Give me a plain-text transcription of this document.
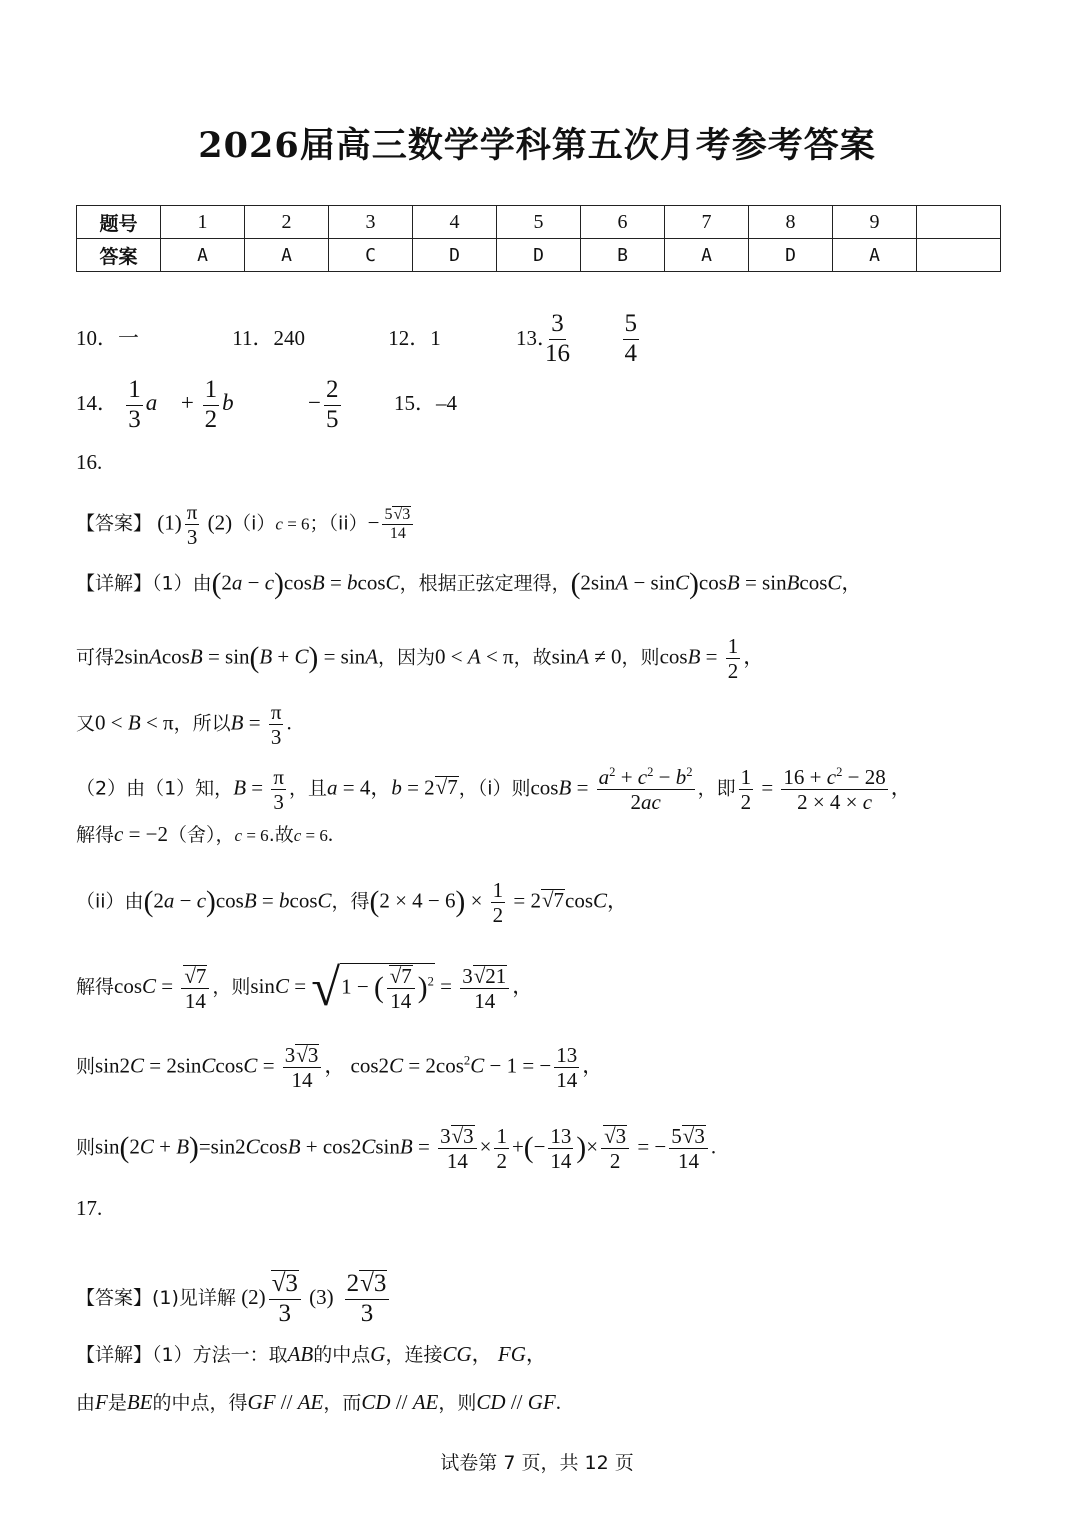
2026届高三数学学科第五次月考参考答案
题号	1	2	3	4	5	6	7	8	9	
答案	A	A	C	D	D	B	A	D	A	
10．一	11．240	12．1	13．
$\frac{3}{16}$
$\frac{5}{4}$
14． $\frac{1}{3}$ a⃗ + $\frac{1}{2}$ b⃗ − $\frac{2}{5}$	15．–4
16.
【答案】 $(1) \frac{\pi}{3} (2)(i)c = 6$；$(ii)- \frac{5 √ 3}{14}$
【详解】（1）由(2a − c)cosB = bcosC，根据正弦定理得，(2sinA − sinC)cosB = sinBcosC，
可得2sinAcosB = sin(B + C) = sinA，因为0 < A < π，故sinA ≠ 0，则$\cos B = \frac{1}{2}$ ，
又0 < B < π，所以$B = \frac{\pi}{3}$ .
（2）由（1）知，$B = \frac{\pi}{3}$ ，且a = 4，b = 2 √ 7，（i）则$\cos B = \frac{a^2 + c^2 - b^2}{2ac}$ ，即 $\frac{1}{2} = \frac{16 + c^2 - 28}{2 \times 4 \times c}$ ，
解得c = −2（舍），c = 6.故c = 6.
（ii）由(2a − c)cosB = bcosC，得$(2 \times 4 - 6) \times \frac{1}{2} = 2$ √ 7cosC，
解得cosC = √ $\frac{7}{14}$ ，则sinC = √1 − ( √ $\frac{7}{14} )^2 = \frac{3 √ 21}{14}$ ，
则sin2C = 2sinCcosC = $\frac{3 √ 3}{14}$ ， $\cos 2C = 2\cos^2C - 1$ = − $\frac{13}{14}$ ，
则$\sin(2C + B)=\sin 2CcosB + \cos 2CsinB = \frac{3 √ 3}{14} \times \frac{1}{2}$ +(− $\frac{13}{14}$ )× √ $\frac{3}{2}$ = − $\frac{5 √ 3}{14}$ .
17.
【答案】(1)见详解 (2) √ $\frac{3}{3} (3) \frac{2 √ 3}{3}$
【详解】（1）方法一：取AB的中点G，连接CG， FG，
由F是BE的中点，得GF // AE，而CD // AE，则CD // GF.
试卷第 7 页，共 12 页
